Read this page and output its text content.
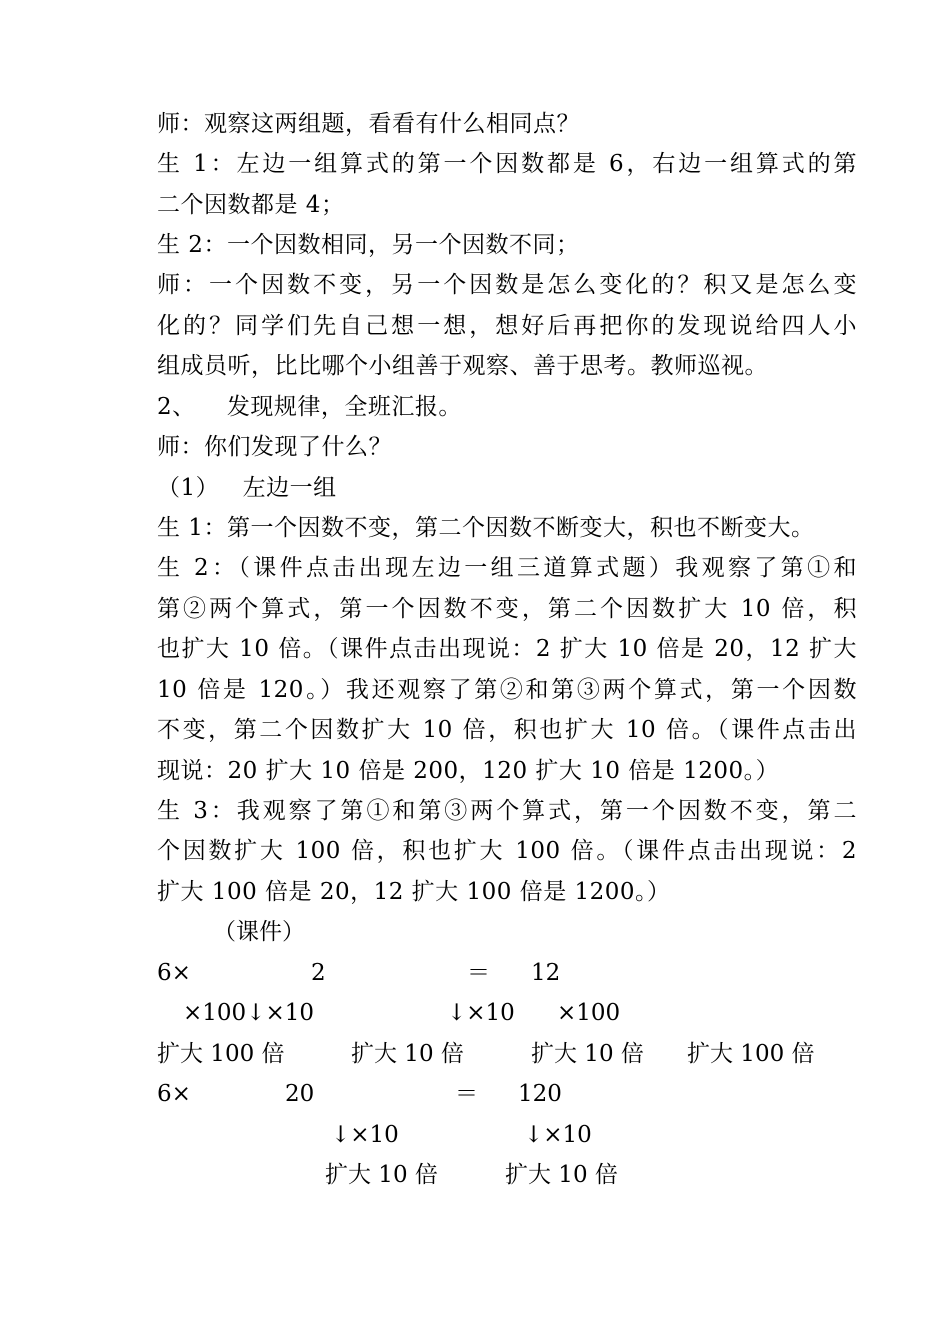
师：观察这两组题，看看有什么相同点？
生 1：左边一组算式的第一个因数都是 6，右边一组算式的第
二个因数都是 4；
生 2：一个因数相同，另一个因数不同；
师：一个因数不变，另一个因数是怎么变化的？积又是怎么变
化的？同学们先自己想一想，想好后再把你的发现说给四人小
组成员听，比比哪个小组善于观察、善于思考。教师巡视。
2、    发现规律，全班汇报。
师：你们发现了什么？
（1）   左边一组
生 1：第一个因数不变，第二个因数不断变大，积也不断变大。
生 2：（课件点击出现左边一组三道算式题）我观察了第①和
第②两个算式，第一个因数不变，第二个因数扩大 10 倍，积
也扩大 10 倍。（课件点击出现说：2 扩大 10 倍是 20，12 扩大
10 倍是 120。）我还观察了第②和第③两个算式，第一个因数
不变，第二个因数扩大 10 倍，积也扩大 10 倍。（课件点击出
现说：20 扩大 10 倍是 200，120 扩大 10 倍是 1200。）
生 3：我观察了第①和第③两个算式，第一个因数不变，第二
个因数扩大 100 倍，积也扩大 100 倍。（课件点击出现说：2
扩大 100 倍是 20，12 扩大 100 倍是 1200。）
（课件）
6×	2	＝ 12
×100↓×10	↓×10 ×100
扩大 100 倍	扩大 10 倍	扩大 10 倍 扩大 100 倍
6×	20	＝ 120
↓×10	↓×10
扩大 10 倍	扩大 10 倍
